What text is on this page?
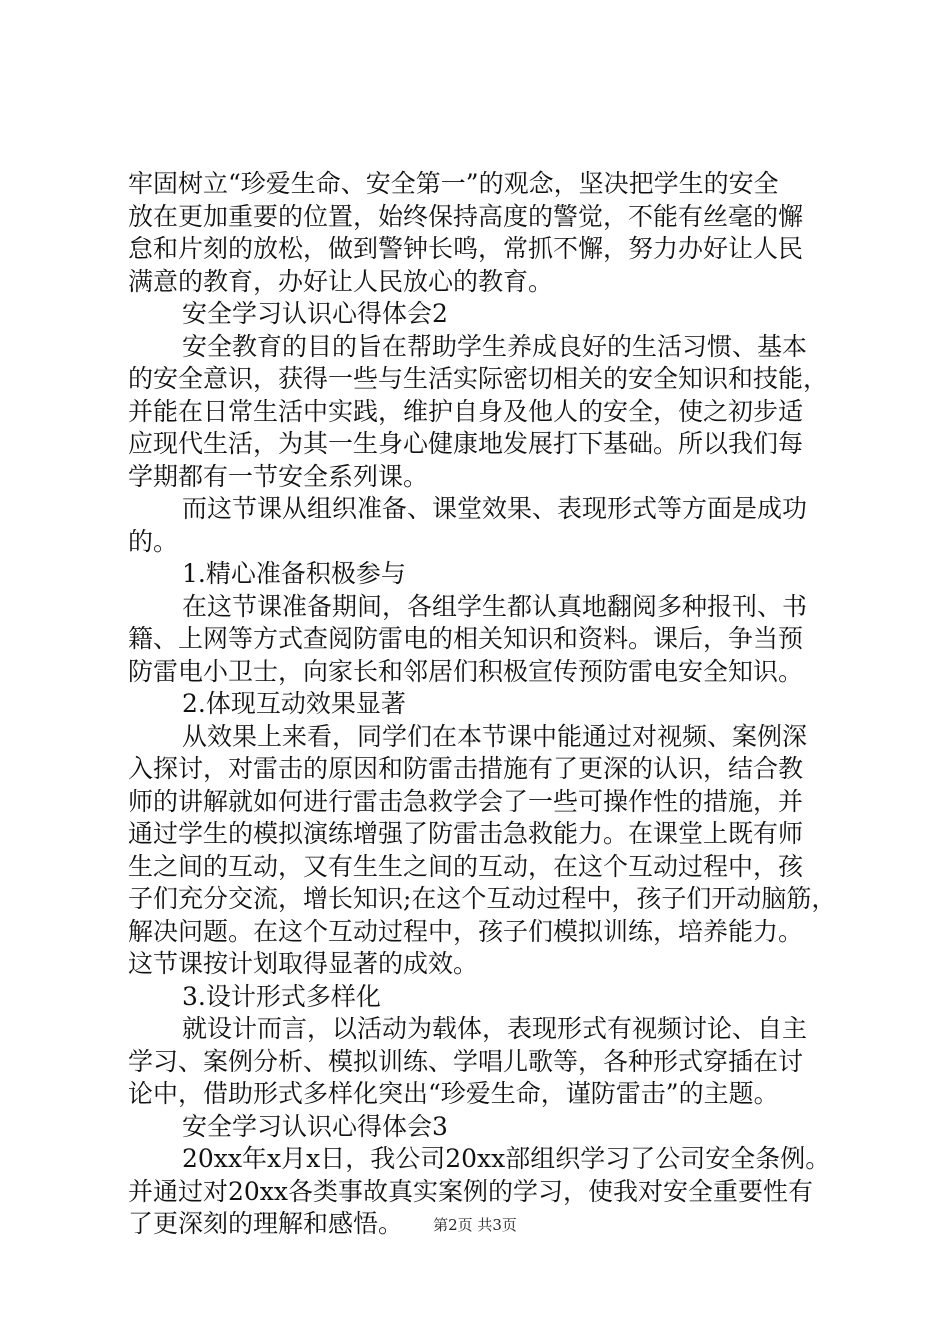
牢固树立“珍爱生命、安全第一”的观念，坚决把学生的安全
放在更加重要的位置，始终保持高度的警觉，不能有丝毫的懈
怠和片刻的放松，做到警钟长鸣，常抓不懈，努力办好让人民
满意的教育，办好让人民放心的教育。
安全学习认识心得体会2
安全教育的目的旨在帮助学生养成良好的生活习惯、基本
的安全意识，获得一些与生活实际密切相关的安全知识和技能，
并能在日常生活中实践，维护自身及他人的安全，使之初步适
应现代生活，为其一生身心健康地发展打下基础。所以我们每
学期都有一节安全系列课。
而这节课从组织准备、课堂效果、表现形式等方面是成功
的。
1.精心准备积极参与
在这节课准备期间，各组学生都认真地翻阅多种报刊、书
籍、上网等方式查阅防雷电的相关知识和资料。课后，争当预
防雷电小卫士，向家长和邻居们积极宣传预防雷电安全知识。
2.体现互动效果显著
从效果上来看，同学们在本节课中能通过对视频、案例深
入探讨，对雷击的原因和防雷击措施有了更深的认识，结合教
师的讲解就如何进行雷击急救学会了一些可操作性的措施，并
通过学生的模拟演练增强了防雷击急救能力。在课堂上既有师
生之间的互动，又有生生之间的互动，在这个互动过程中，孩
子们充分交流，增长知识;在这个互动过程中，孩子们开动脑筋，
解决问题。在这个互动过程中，孩子们模拟训练，培养能力。
这节课按计划取得显著的成效。
3.设计形式多样化
就设计而言，以活动为载体，表现形式有视频讨论、自主
学习、案例分析、模拟训练、学唱儿歌等，各种形式穿插在讨
论中，借助形式多样化突出“珍爱生命，谨防雷击”的主题。
安全学习认识心得体会3
20xx年x月x日，我公司20xx部组织学习了公司安全条例。
并通过对20xx各类事故真实案例的学习，使我对安全重要性有
了更深刻的理解和感悟。	第2页 共3页
